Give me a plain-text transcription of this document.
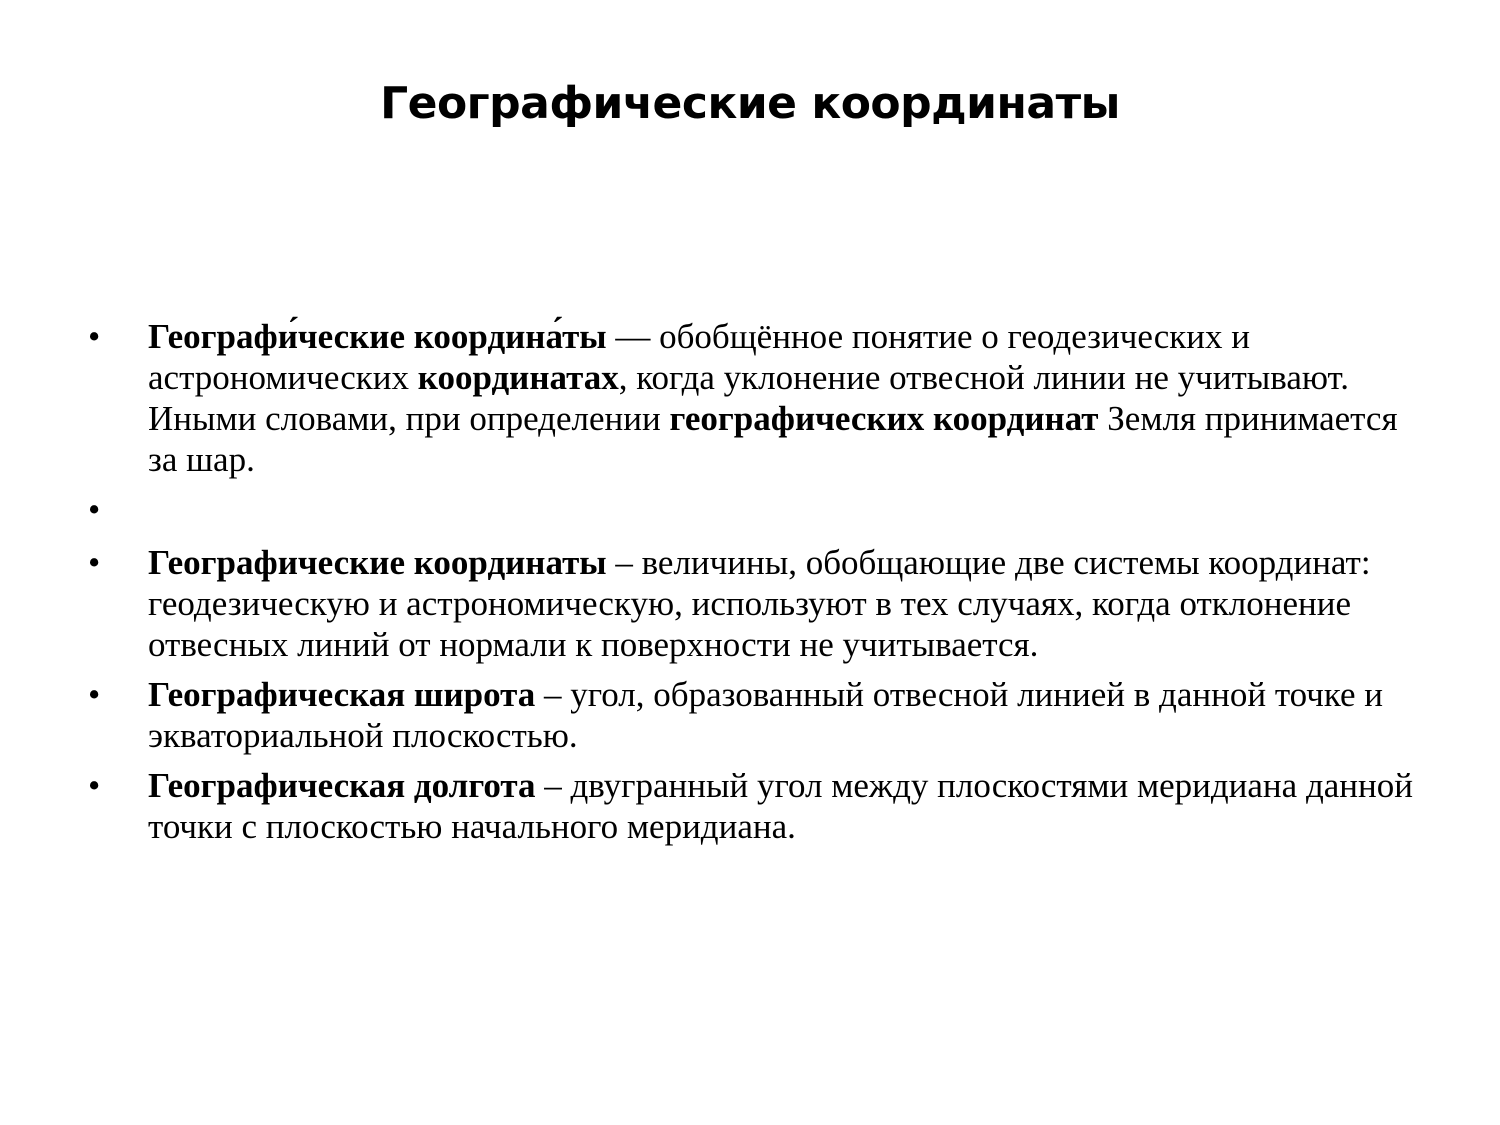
Географические координаты
• Географи́ческие координа́ты — обобщённое понятие о геодезических и астрономических координатах, когда уклонение отвесной линии не учитывают. Иными словами, при определении географических координат Земля принимается за шар.
•
• Географические координаты – величины, обобщающие две системы координат: геодезическую и астрономическую, используют в тех случаях, когда отклонение отвесных линий от нормали к поверхности не учитывается.
• Географическая широта – угол, образованный отвесной линией в данной точке и экваториальной плоскостью.
• Географическая долгота – двугранный угол между плоскостями меридиана данной точки с плоскостью начального меридиана.
